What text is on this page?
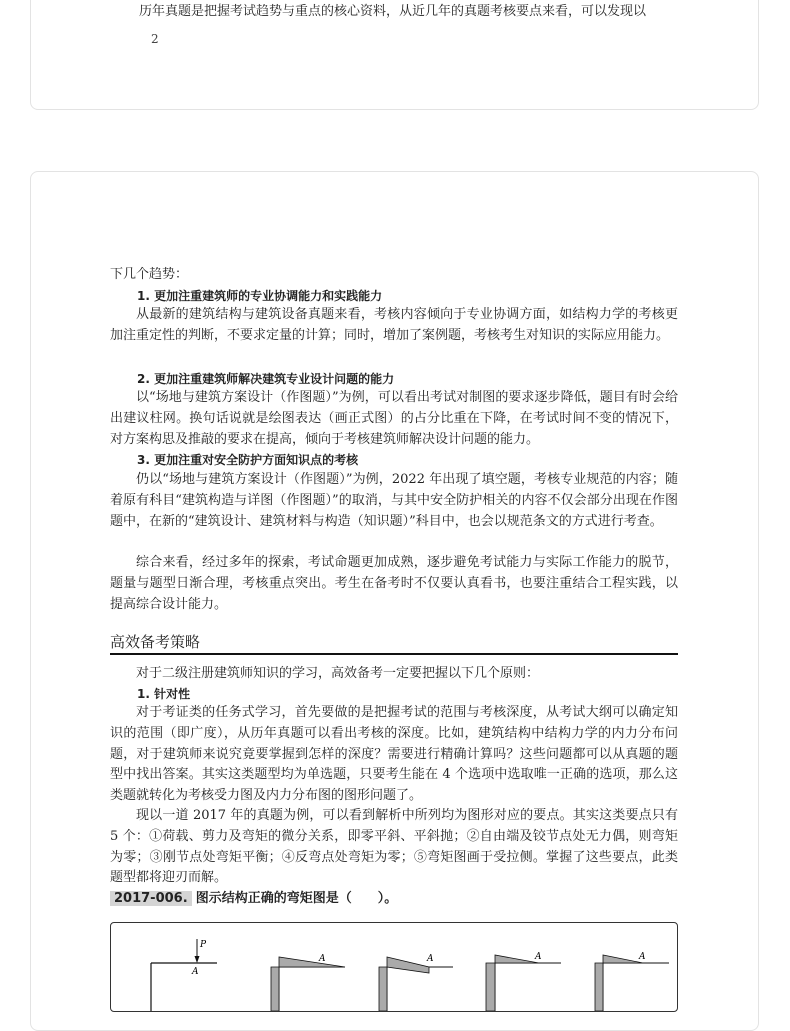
历年真题是把握考试趋势与重点的核心资料，从近几年的真题考核要点来看，可以发现以
2
下几个趋势：
1. 更加注重建筑师的专业协调能力和实践能力

从最新的建筑结构与建筑设备真题来看，考核内容倾向于专业协调方面，如结构力学的考核更加注重定性的判断，不要求定量的计算；同时，增加了案例题，考核考生对知识的实际应用能力。

2. 更加注重建筑师解决建筑专业设计问题的能力

以“场地与建筑方案设计（作图题）”为例，可以看出考试对制图的要求逐步降低，题目有时会给出建议柱网。换句话说就是绘图表达（画正式图）的占分比重在下降，在考试时间不变的情况下，对方案构思及推敲的要求在提高，倾向于考核建筑师解决设计问题的能力。

3. 更加注重对安全防护方面知识点的考核

仍以“场地与建筑方案设计（作图题）”为例，2022 年出现了填空题，考核专业规范的内容；随着原有科目“建筑构造与详图（作图题）”的取消，与其中安全防护相关的内容不仅会部分出现在作图题中，在新的“建筑设计、建筑材料与构造（知识题）”科目中，也会以规范条文的方式进行考查。

综合来看，经过多年的探索，考试命题更加成熟，逐步避免考试能力与实际工作能力的脱节，题量与题型日渐合理，考核重点突出。考生在备考时不仅要认真看书，也要注重结合工程实践，以提高综合设计能力。

高效备考策略

对于二级注册建筑师知识的学习，高效备考一定要把握以下几个原则：

1. 针对性

对于考证类的任务式学习，首先要做的是把握考试的范围与考核深度，从考试大纲可以确定知识的范围（即广度），从历年真题可以看出考核的深度。比如，建筑结构中结构力学的内力分布问题，对于建筑师来说究竟要掌握到怎样的深度？需要进行精确计算吗？这些问题都可以从真题的题型中找出答案。其实这类题型均为单选题，只要考生能在 4 个选项中选取唯一正确的选项，那么这类题就转化为考核受力图及内力分布图的图形问题了。

现以一道 2017 年的真题为例，可以看到解析中所列均为图形对应的要点。其实这类要点只有 5 个：①荷载、剪力及弯矩的微分关系，即零平斜、平斜抛；②自由端及铰节点处无力偶，则弯矩为零；③刚节点处弯矩平衡；④反弯点处弯矩为零；⑤弯矩图画于受拉侧。掌握了这些要点，此类题型都将迎刃而解。

2017-006. 图示结构正确的弯矩图是（　　）。
P
A
A	A	A	A
